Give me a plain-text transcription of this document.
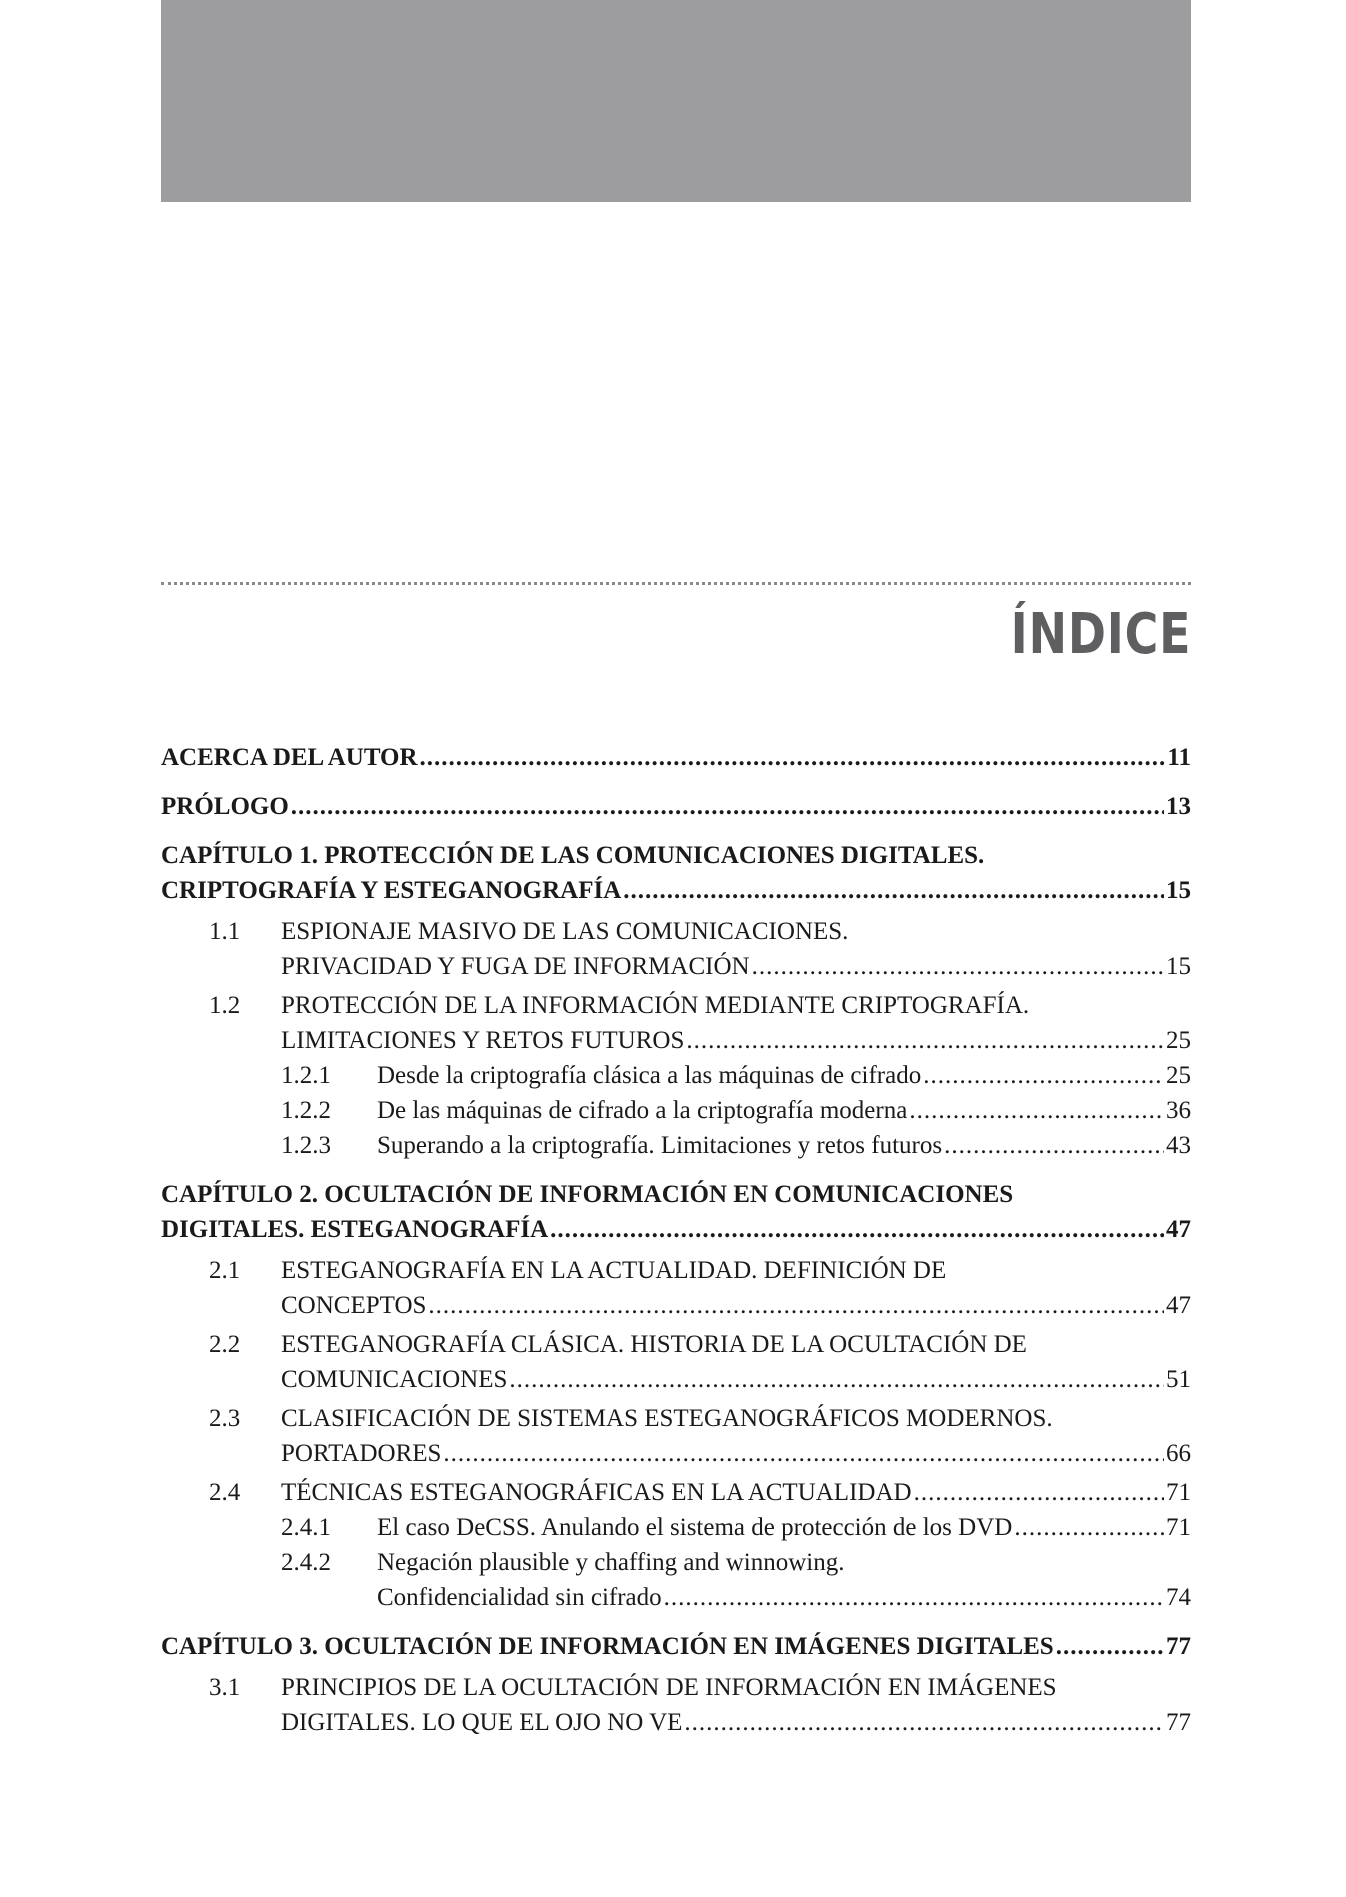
ÍNDICE
ACERCA DEL AUTOR .....	11
PRÓLOGO .....	13
CAPÍTULO 1. PROTECCIÓN DE LAS COMUNICACIONES DIGITALES.
CRIPTOGRAFÍA Y ESTEGANOGRAFÍA .....	15
1.1	ESPIONAJE MASIVO DE LAS COMUNICACIONES.
PRIVACIDAD Y FUGA DE INFORMACIÓN .....	15
1.2	PROTECCIÓN DE LA INFORMACIÓN MEDIANTE CRIPTOGRAFÍA.
LIMITACIONES Y RETOS FUTUROS .....	25
1.2.1	Desde la criptografía clásica a las máquinas de cifrado .....	25
1.2.2	De las máquinas de cifrado a la criptografía moderna .....	36
1.2.3	Superando a la criptografía. Limitaciones y retos futuros .....	43
CAPÍTULO 2. OCULTACIÓN DE INFORMACIÓN EN COMUNICACIONES
DIGITALES. ESTEGANOGRAFÍA .....	47
2.1	ESTEGANOGRAFÍA EN LA ACTUALIDAD. DEFINICIÓN DE
CONCEPTOS .....	47
2.2	ESTEGANOGRAFÍA CLÁSICA. HISTORIA DE LA OCULTACIÓN DE
COMUNICACIONES .....	51
2.3	CLASIFICACIÓN DE SISTEMAS ESTEGANOGRÁFICOS MODERNOS.
PORTADORES .....	66
2.4	TÉCNICAS ESTEGANOGRÁFICAS EN LA ACTUALIDAD .....	71
2.4.1	El caso DeCSS. Anulando el sistema de protección de los DVD .....	71
2.4.2	Negación plausible y chaffing and winnowing.
Confidencialidad sin cifrado .....	74
CAPÍTULO 3. OCULTACIÓN DE INFORMACIÓN EN IMÁGENES DIGITALES .....	77
3.1	PRINCIPIOS DE LA OCULTACIÓN DE INFORMACIÓN EN IMÁGENES
DIGITALES. LO QUE EL OJO NO VE .....	77
